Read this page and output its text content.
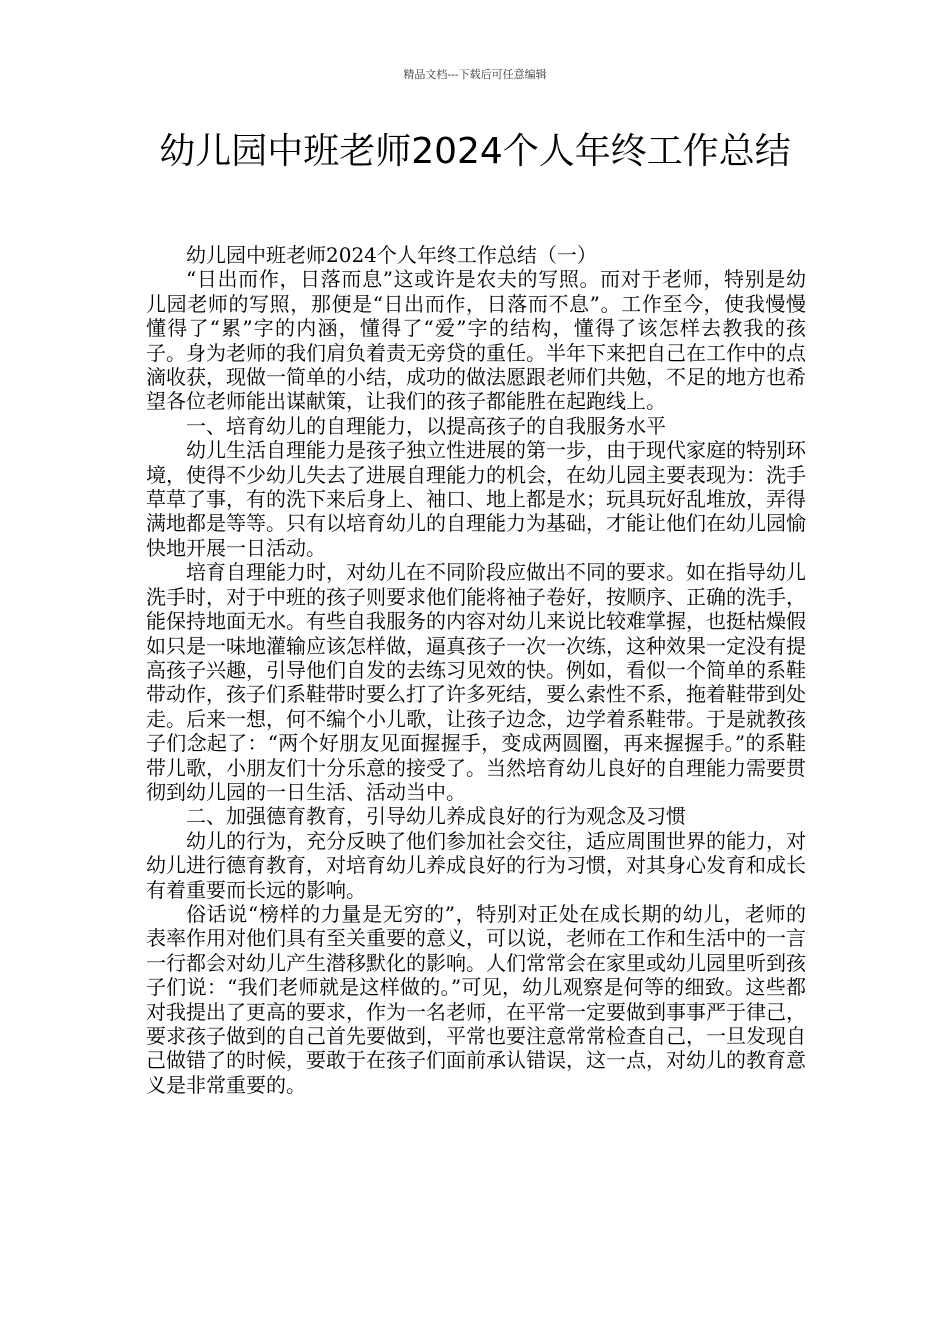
精品文档---下载后可任意编辑
幼儿园中班老师2024个人年终工作总结

幼儿园中班老师2024个人年终工作总结（一）

“日出而作，日落而息”这或许是农夫的写照。而对于老师，特别是幼儿园老师的写照，那便是“日出而作，日落而不息”。工作至今，使我慢慢懂得了“累”字的内涵，懂得了“爱”字的结构，懂得了该怎样去教我的孩子。身为老师的我们肩负着责无旁贷的重任。半年下来把自己在工作中的点滴收获，现做一简单的小结，成功的做法愿跟老师们共勉，不足的地方也希望各位老师能出谋献策，让我们的孩子都能胜在起跑线上。

一、培育幼儿的自理能力，以提高孩子的自我服务水平

幼儿生活自理能力是孩子独立性进展的第一步，由于现代家庭的特别环境，使得不少幼儿失去了进展自理能力的机会，在幼儿园主要表现为：洗手草草了事，有的洗下来后身上、袖口、地上都是水；玩具玩好乱堆放，弄得满地都是等等。只有以培育幼儿的自理能力为基础，才能让他们在幼儿园愉快地开展一日活动。

培育自理能力时，对幼儿在不同阶段应做出不同的要求。如在指导幼儿洗手时，对于中班的孩子则要求他们能将袖子卷好，按顺序、正确的洗手，能保持地面无水。有些自我服务的内容对幼儿来说比较难掌握，也挺枯燥假如只是一味地灌输应该怎样做，逼真孩子一次一次练，这种效果一定没有提高孩子兴趣，引导他们自发的去练习见效的快。例如，看似一个简单的系鞋带动作，孩子们系鞋带时要么打了许多死结，要么索性不系，拖着鞋带到处走。后来一想，何不编个小儿歌，让孩子边念，边学着系鞋带。于是就教孩子们念起了：“两个好朋友见面握握手，变成两圆圈，再来握握手。”的系鞋带儿歌，小朋友们十分乐意的接受了。当然培育幼儿良好的自理能力需要贯彻到幼儿园的一日生活、活动当中。

二、加强德育教育，引导幼儿养成良好的行为观念及习惯

幼儿的行为，充分反映了他们参加社会交往，适应周围世界的能力，对幼儿进行德育教育，对培育幼儿养成良好的行为习惯，对其身心发育和成长有着重要而长远的影响。

俗话说“榜样的力量是无穷的”，特别对正处在成长期的幼儿，老师的表率作用对他们具有至关重要的意义，可以说，老师在工作和生活中的一言一行都会对幼儿产生潜移默化的影响。人们常常会在家里或幼儿园里听到孩子们说：“我们老师就是这样做的。”可见，幼儿观察是何等的细致。这些都对我提出了更高的要求，作为一名老师，在平常一定要做到事事严于律己，要求孩子做到的自己首先要做到，平常也要注意常常检查自己，一旦发现自己做错了的时候，要敢于在孩子们面前承认错误，这一点，对幼儿的教育意义是非常重要的。
